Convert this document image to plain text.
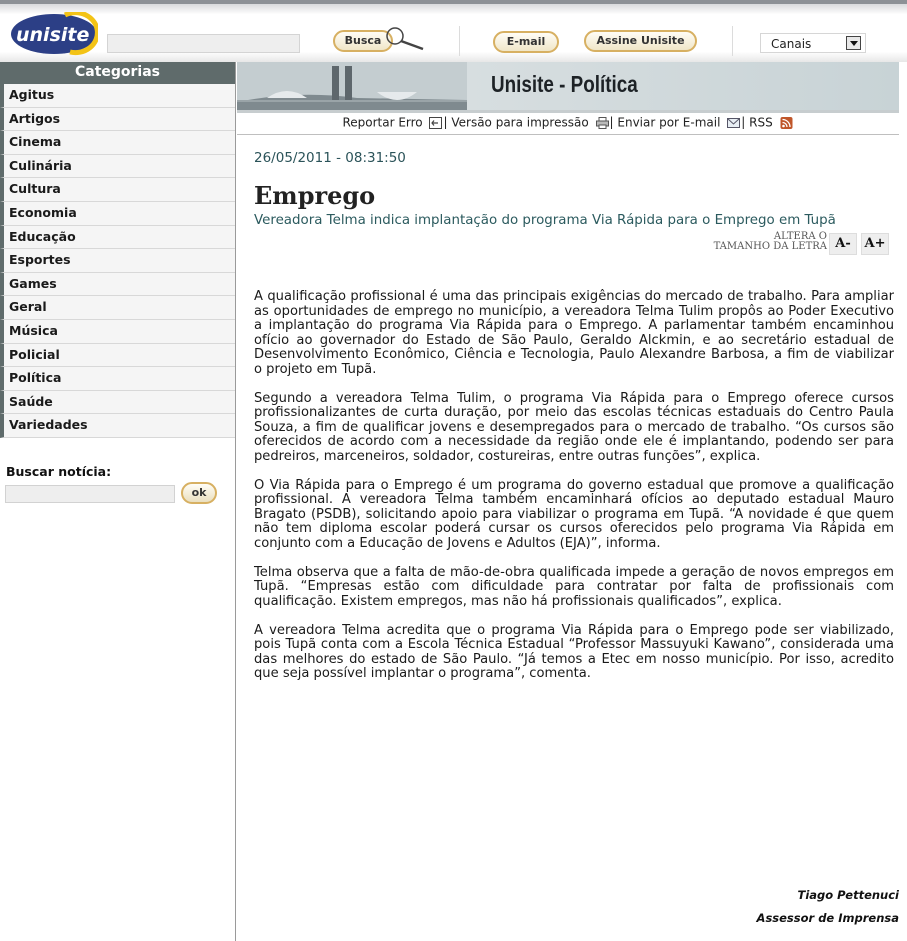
unisite	Busca	E-mail	Assine Unisite	Canais
Categorias
Agitus
Artigos
Cinema
Culinária
Cultura
Economia
Educação
Esportes
Games
Geral
Música
Policial
Política
Saúde
Variedades
Buscar notícia:
ok
Unisite - Política
Reportar Erro | Versão para impressão | Enviar por E-mail | RSS
26/05/2011 - 08:31:50
Emprego
Vereadora Telma indica implantação do programa Via Rápida para o Emprego em Tupã
ALTERA O
TAMANHO DA LETRA A-	A+

A qualificação profissional é uma das principais exigências do mercado de trabalho. Para ampliar as oportunidades de emprego no município, a vereadora Telma Tulim propôs ao Poder Executivo a implantação do programa Via Rápida para o Emprego. A parlamentar também encaminhou ofício ao governador do Estado de São Paulo, Geraldo Alckmin, e ao secretário estadual de Desenvolvimento Econômico, Ciência e Tecnologia, Paulo Alexandre Barbosa, a fim de viabilizar o projeto em Tupã.

Segundo a vereadora Telma Tulim, o programa Via Rápida para o Emprego oferece cursos profissionalizantes de curta duração, por meio das escolas técnicas estaduais do Centro Paula Souza, a fim de qualificar jovens e desempregados para o mercado de trabalho. “Os cursos são oferecidos de acordo com a necessidade da região onde ele é implantando, podendo ser para pedreiros, marceneiros, soldador, costureiras, entre outras funções”, explica.

O Via Rápida para o Emprego é um programa do governo estadual que promove a qualificação profissional. A vereadora Telma também encaminhará ofícios ao deputado estadual Mauro Bragato (PSDB), solicitando apoio para viabilizar o programa em Tupã. “A novidade é que quem não tem diploma escolar poderá cursar os cursos oferecidos pelo programa Via Rápida em conjunto com a Educação de Jovens e Adultos (EJA)”, informa.

Telma observa que a falta de mão-de-obra qualificada impede a geração de novos empregos em Tupã. “Empresas estão com dificuldade para contratar por falta de profissionais com qualificação. Existem empregos, mas não há profissionais qualificados”, explica.

A vereadora Telma acredita que o programa Via Rápida para o Emprego pode ser viabilizado, pois Tupã conta com a Escola Técnica Estadual “Professor Massuyuki Kawano”, considerada uma das melhores do estado de São Paulo. “Já temos a Etec em nosso município. Por isso, acredito que seja possível implantar o programa”, comenta.

Tiago Pettenuci
Assessor de Imprensa
